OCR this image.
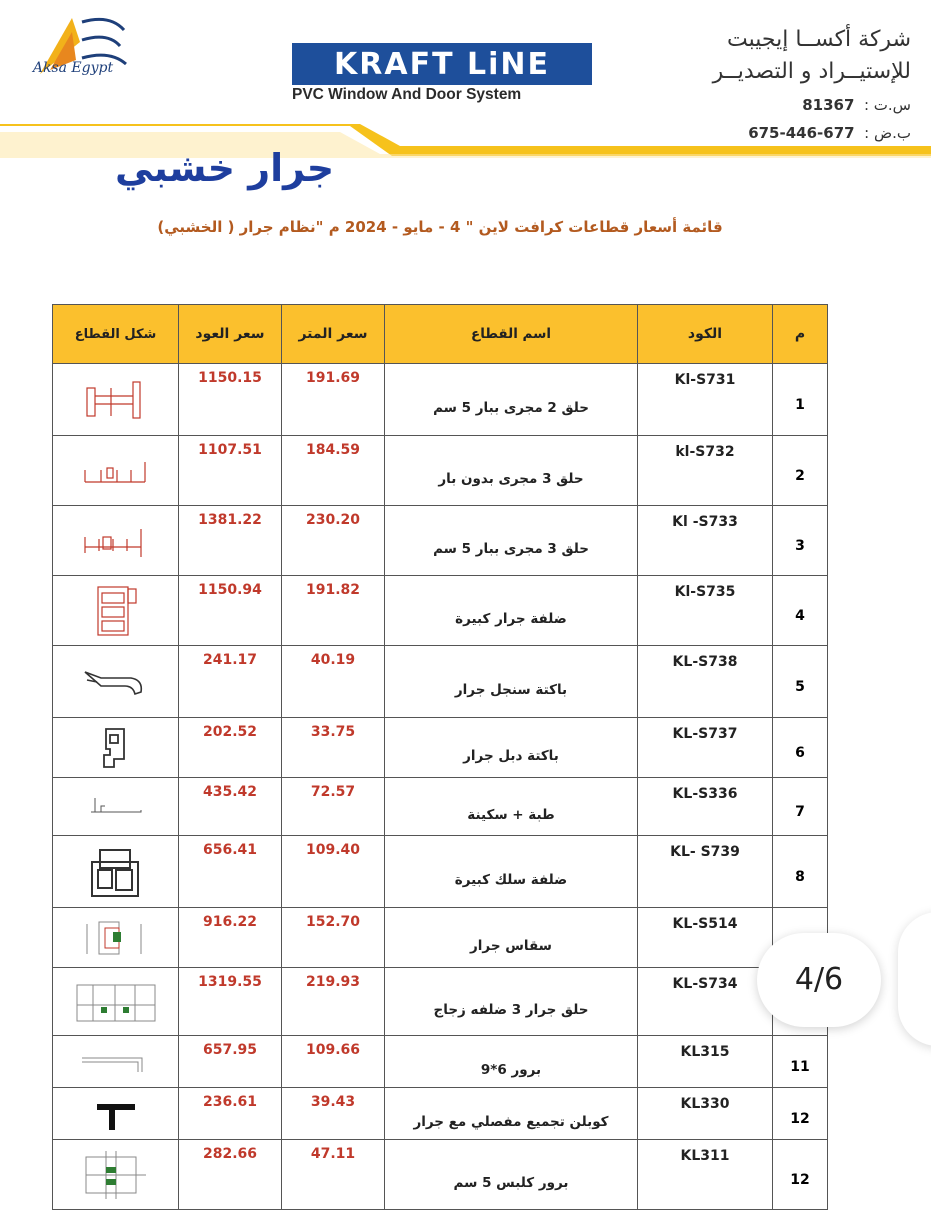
Aksa Egypt	KRAFT LiNE
PVC Window And Door System
شركة أكســا إيجيبت
للإستيــراد و التصديــر
س.ت :  81367
ب.ض :  677-446-675
جرار خشبي
قائمة أسعار قطاعات كرافت لاين " 4 - مايو - 2024 م "نظام جرار ( الخشبي)
م	الكود	اسم القطاع	سعر المتر	سعر العود	شكل القطاع
1	Kl-S731	حلق 2 مجرى ببار 5 سم	191.69	1150.15	

2	kl-S732	حلق 3 مجرى بدون بار	184.59	1107.51	

3	Kl -S733	حلق 3 مجرى ببار 5 سم	230.20	1381.22	

4	Kl-S735	ضلفة جرار كبيرة	191.82	1150.94	

5	KL-S738	باكتة سنجل جرار	40.19	241.17	

6	KL-S737	باكتة دبل جرار	33.75	202.52	

7	KL-S336	طبة + سكينة	72.57	435.42	

8	KL- S739	ضلفة سلك كبيرة	109.40	656.41	

	KL-S514	سقاس جرار	152.70	916.22	

	KL-S734	حلق جرار 3 ضلفه زجاج	219.93	1319.55	

11	KL315	برور 6*9	109.66	657.95	

12	KL330	كوبلن تجميع مفصلي مع جرار	39.43	236.61	

12	KL311	برور كلبس 5 سم	47.11	282.66	
4/6
